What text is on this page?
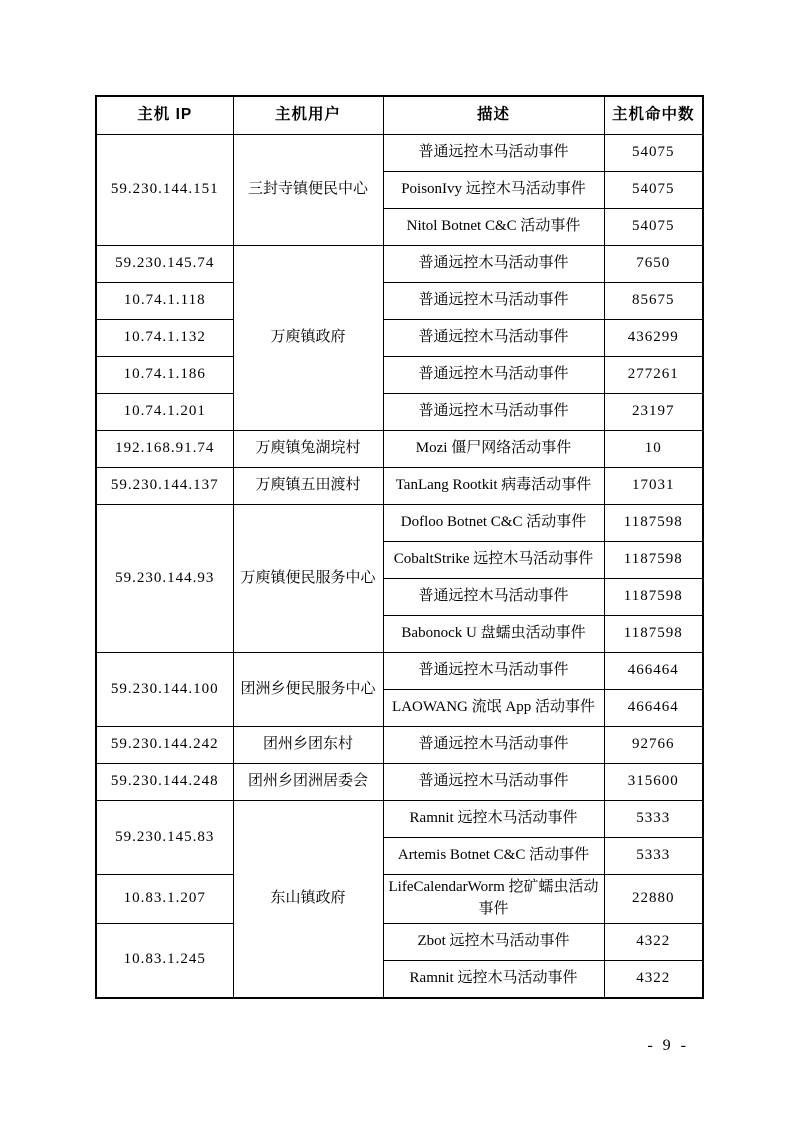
主机 IP	主机用户	描述	主机命中数
59.230.144.151	三封寺镇便民中心	普通远控木马活动事件	54075
		PoisonIvy 远控木马活动事件	54075
		Nitol Botnet C&C 活动事件	54075
59.230.145.74	万庾镇政府	普通远控木马活动事件	7650
10.74.1.118		普通远控木马活动事件	85675
10.74.1.132		普通远控木马活动事件	436299
10.74.1.186		普通远控木马活动事件	277261
10.74.1.201		普通远控木马活动事件	23197
192.168.91.74	万庾镇兔湖垸村	Mozi 僵尸网络活动事件	10
59.230.144.137	万庾镇五田渡村	TanLang Rootkit 病毒活动事件	17031
59.230.144.93	万庾镇便民服务中心	Dofloo Botnet C&C 活动事件	1187598
		CobaltStrike 远控木马活动事件	1187598
		普通远控木马活动事件	1187598
		Babonock U 盘蠕虫活动事件	1187598
59.230.144.100	团洲乡便民服务中心	普通远控木马活动事件	466464
		LAOWANG 流氓 App 活动事件	466464
59.230.144.242	团州乡团东村	普通远控木马活动事件	92766
59.230.144.248	团州乡团洲居委会	普通远控木马活动事件	315600
59.230.145.83	东山镇政府	Ramnit 远控木马活动事件	5333
		Artemis Botnet C&C 活动事件	5333
10.83.1.207		LifeCalendarWorm 挖矿蠕虫活动事件	22880
10.83.1.245		Zbot 远控木马活动事件	4322
		Ramnit 远控木马活动事件	4322
- 9 -
